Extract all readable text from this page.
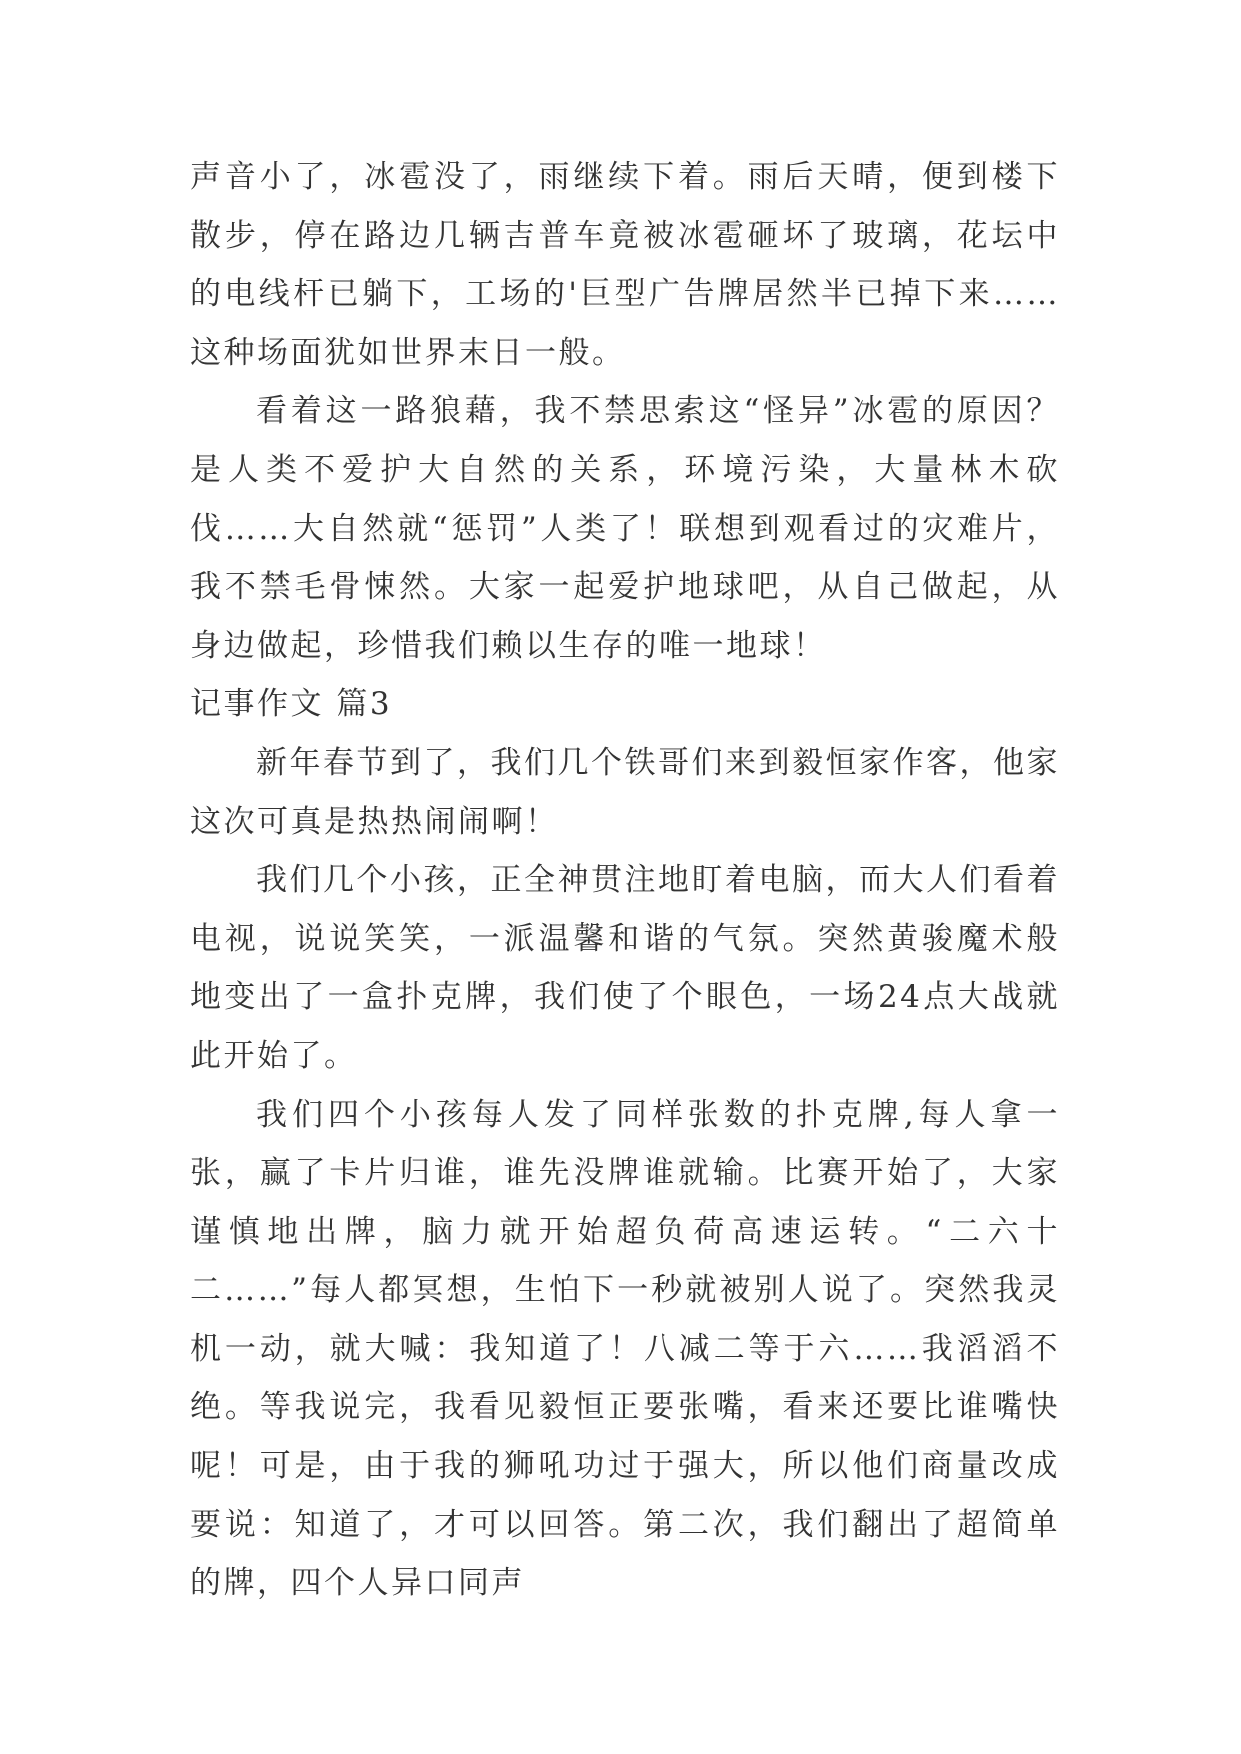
声音小了，冰雹没了，雨继续下着。雨后天晴，便到楼下散步，停在路边几辆吉普车竟被冰雹砸坏了玻璃，花坛中的电线杆已躺下，工场的'巨型广告牌居然半已掉下来……这种场面犹如世界末日一般。

看着这一路狼藉，我不禁思索这“怪异”冰雹的原因？是人类不爱护大自然的关系，环境污染，大量林木砍伐……大自然就“惩罚”人类了！联想到观看过的灾难片，我不禁毛骨悚然。大家一起爱护地球吧，从自己做起，从身边做起，珍惜我们赖以生存的唯一地球！

记事作文 篇3

新年春节到了，我们几个铁哥们来到毅恒家作客，他家这次可真是热热闹闹啊！

我们几个小孩，正全神贯注地盯着电脑，而大人们看着电视，说说笑笑，一派温馨和谐的气氛。突然黄骏魔术般地变出了一盒扑克牌，我们使了个眼色，一场24点大战就此开始了。

我们四个小孩每人发了同样张数的扑克牌,每人拿一张，赢了卡片归谁，谁先没牌谁就输。比赛开始了，大家谨慎地出牌，脑力就开始超负荷高速运转。“二六十二……”每人都冥想，生怕下一秒就被别人说了。突然我灵机一动，就大喊：我知道了！八减二等于六……我滔滔不绝。等我说完，我看见毅恒正要张嘴，看来还要比谁嘴快呢！可是，由于我的狮吼功过于强大，所以他们商量改成要说：知道了，才可以回答。第二次，我们翻出了超简单的牌，四个人异口同声
